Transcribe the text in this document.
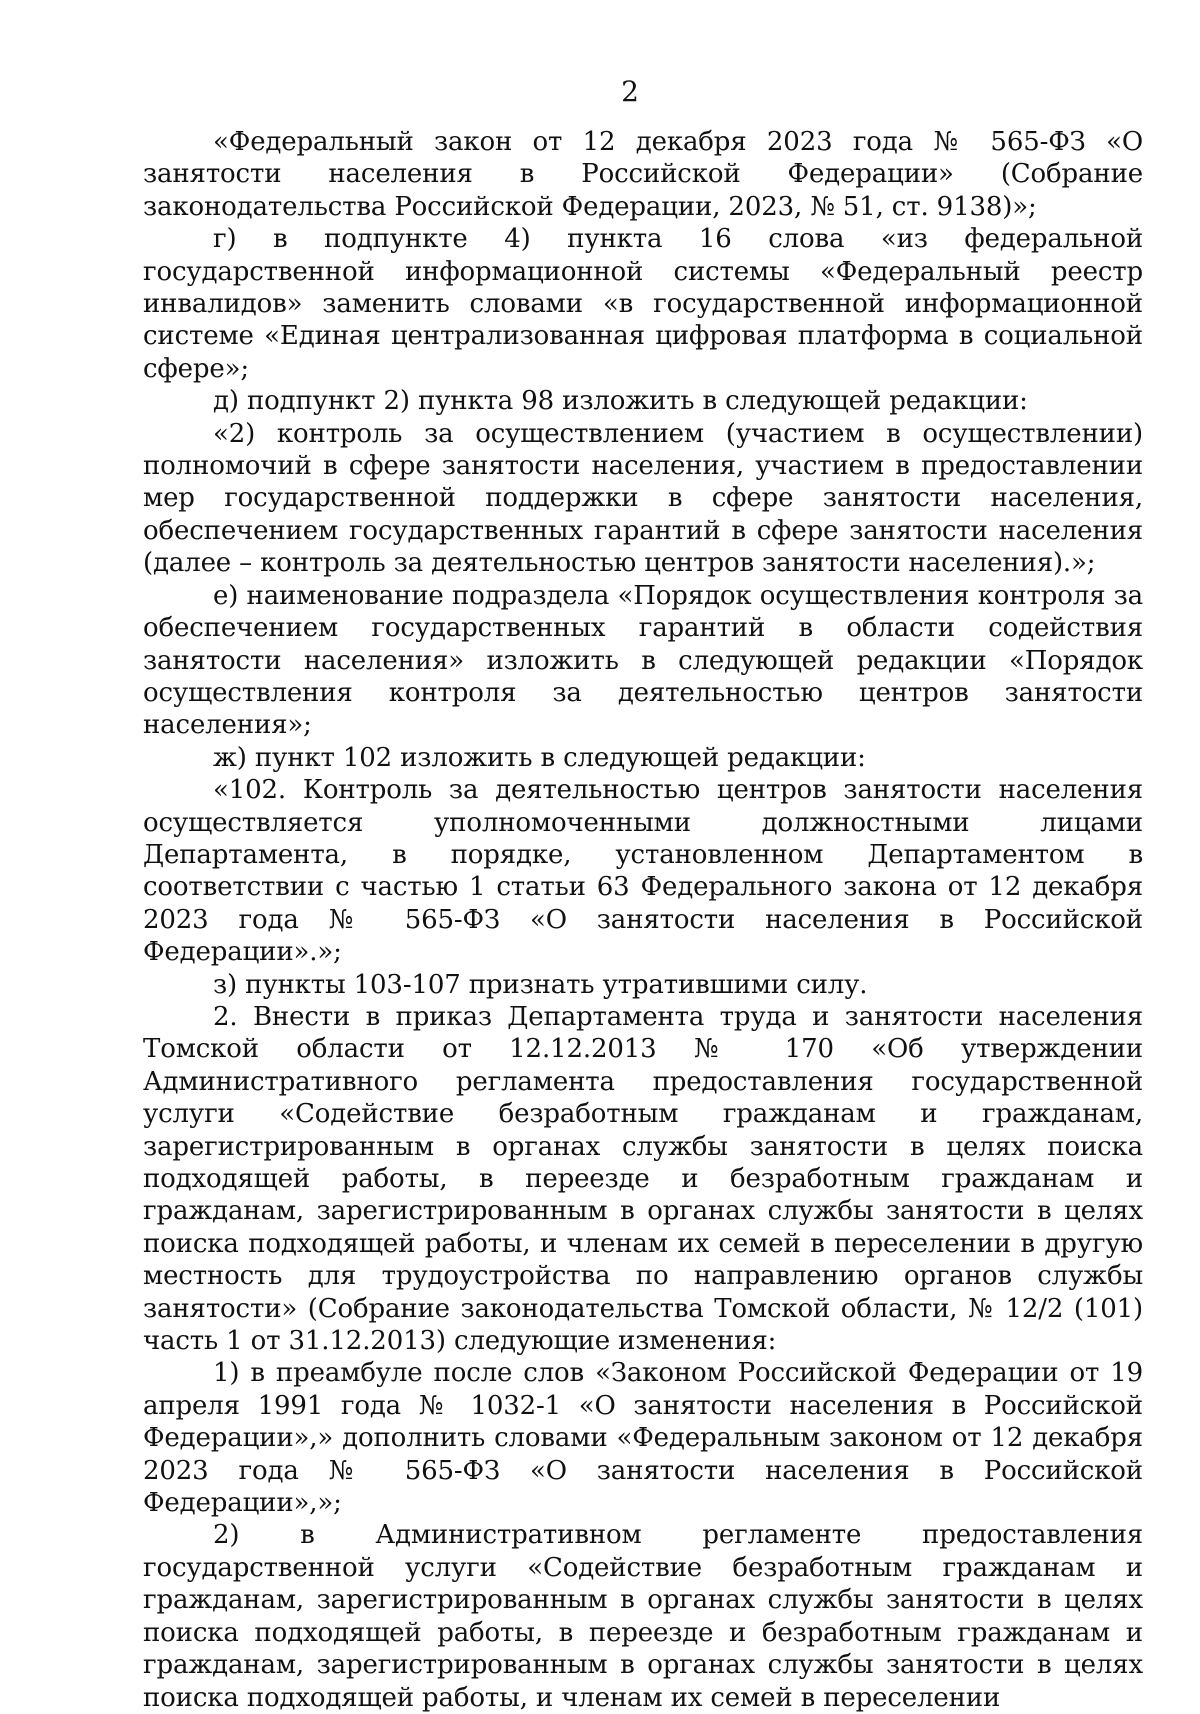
2

«Федеральный закон от 12 декабря 2023 года № 565-ФЗ «О занятости населения в Российской Федерации» (Собрание законодательства Российской Федерации, 2023, № 51, ст. 9138)»;

г) в подпункте 4) пункта 16 слова «из федеральной государственной информационной системы «Федеральный реестр инвалидов» заменить словами «в государственной информационной системе «Единая централизованная цифровая платформа в социальной сфере»;

д) подпункт 2) пункта 98 изложить в следующей редакции:

«2) контроль за осуществлением (участием в осуществлении) полномочий в сфере занятости населения, участием в предоставлении мер государственной поддержки в сфере занятости населения, обеспечением государственных гарантий в сфере занятости населения (далее – контроль за деятельностью центров занятости населения).»;

е) наименование подраздела «Порядок осуществления контроля за обеспечением государственных гарантий в области содействия занятости населения» изложить в следующей редакции «Порядок осуществления контроля за деятельностью центров занятости населения»;

ж) пункт 102 изложить в следующей редакции:

«102. Контроль за деятельностью центров занятости населения осуществляется уполномоченными должностными лицами Департамента, в порядке, установленном Департаментом в соответствии с частью 1 статьи 63 Федерального закона от 12 декабря 2023 года № 565-ФЗ «О занятости населения в Российской Федерации».»;

з) пункты 103-107 признать утратившими силу.

2. Внести в приказ Департамента труда и занятости населения Томской области от 12.12.2013 № 170 «Об утверждении Административного регламента предоставления государственной услуги «Содействие безработным гражданам и гражданам, зарегистрированным в органах службы занятости в целях поиска подходящей работы, в переезде и безработным гражданам и гражданам, зарегистрированным в органах службы занятости в целях поиска подходящей работы, и членам их семей в переселении в другую местность для трудоустройства по направлению органов службы занятости» (Собрание законодательства Томской области, № 12/2 (101) часть 1 от 31.12.2013) следующие изменения:

1) в преамбуле после слов «Законом Российской Федерации от 19 апреля 1991 года № 1032-1 «О занятости населения в Российской Федерации»,» дополнить словами «Федеральным законом от 12 декабря 2023 года № 565-ФЗ «О занятости населения в Российской Федерации»,»;

2) в Административном регламенте предоставления государственной услуги «Содействие безработным гражданам и гражданам, зарегистрированным в органах службы занятости в целях поиска подходящей работы, в переезде и безработным гражданам и гражданам, зарегистрированным в органах службы занятости в целях поиска подходящей работы, и членам их семей в переселении
